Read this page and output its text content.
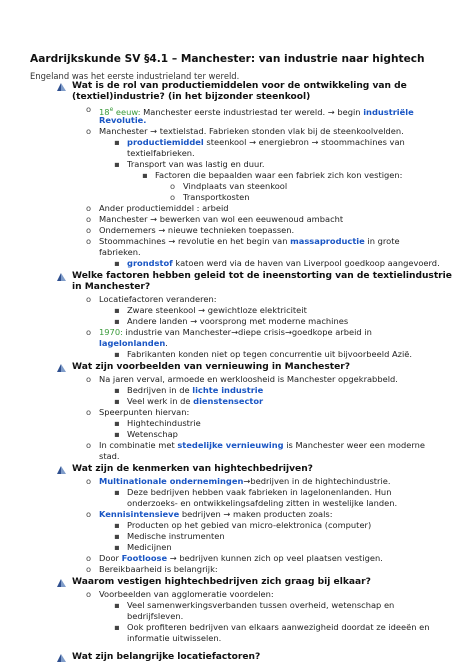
Aardrijkskunde SV §4.1 – Manchester: van industrie naar hightech
Engeland was het eerste industrieland ter wereld.
Wat is de rol van productiemiddelen voor de ontwikkeling van de
(textiel)industrie? (in het bijzonder steenkool)
o 18e eeuw: Manchester eerste industriestad ter wereld. → begin industriële
Revolutie.
o Manchester → textielstad. Fabrieken stonden vlak bij de steenkoolvelden.
▪ productiemiddel steenkool → energiebron → stoommachines van
textielfabrieken.
▪ Transport van was lastig en duur.
▪ Factoren die bepaalden waar een fabriek zich kon vestigen:
o Vindplaats van steenkool
o Transportkosten
o Ander productiemiddel : arbeid
o Manchester → bewerken van wol een eeuwenoud ambacht
o Ondernemers → nieuwe technieken toepassen.
o Stoommachines → revolutie en het begin van massaproductie in grote
fabrieken.
▪ grondstof katoen werd via de haven van Liverpool goedkoop aangevoerd.
Welke factoren hebben geleid tot de ineenstorting van de textielindustrie
in Manchester?
o Locatiefactoren veranderen:
▪ Zware steenkool → gewichtloze elektriciteit
▪ Andere landen → voorsprong met moderne machines
o 1970: industrie van Manchester→diepe crisis→goedkope arbeid in
lagelonlanden.
▪ Fabrikanten konden niet op tegen concurrentie uit bijvoorbeeld Azië.
Wat zijn voorbeelden van vernieuwing in Manchester?
o Na jaren verval, armoede en werkloosheid is Manchester opgekrabbeld.
▪ Bedrijven in de lichte industrie
▪ Veel werk in de dienstensector
o Speerpunten hiervan:
▪ Hightechindustrie
▪ Wetenschap
o In combinatie met stedelijke vernieuwing is Manchester weer een moderne
stad.
Wat zijn de kenmerken van hightechbedrijven?
o Multinationale ondernemingen→bedrijven in de hightechindustrie.
▪ Deze bedrijven hebben vaak fabrieken in lagelonenlanden. Hun
onderzoeks- en ontwikkelingsafdeling zitten in westelijke landen.
o Kennisintensieve bedrijven → maken producten zoals:
▪ Producten op het gebied van micro-elektronica (computer)
▪ Medische instrumenten
▪ Medicijnen
o Door Footloose → bedrijven kunnen zich op veel plaatsen vestigen.
o Bereikbaarheid is belangrijk:
Waarom vestigen hightechbedrijven zich graag bij elkaar?
o Voorbeelden van agglomeratie voordelen:
▪ Veel samenwerkingsverbanden tussen overheid, wetenschap en
bedrijfsleven.
▪ Ook profiteren bedrijven van elkaars aanwezigheid doordat ze ideeën en
informatie uitwisselen.
Wat zijn belangrijke locatiefactoren?
